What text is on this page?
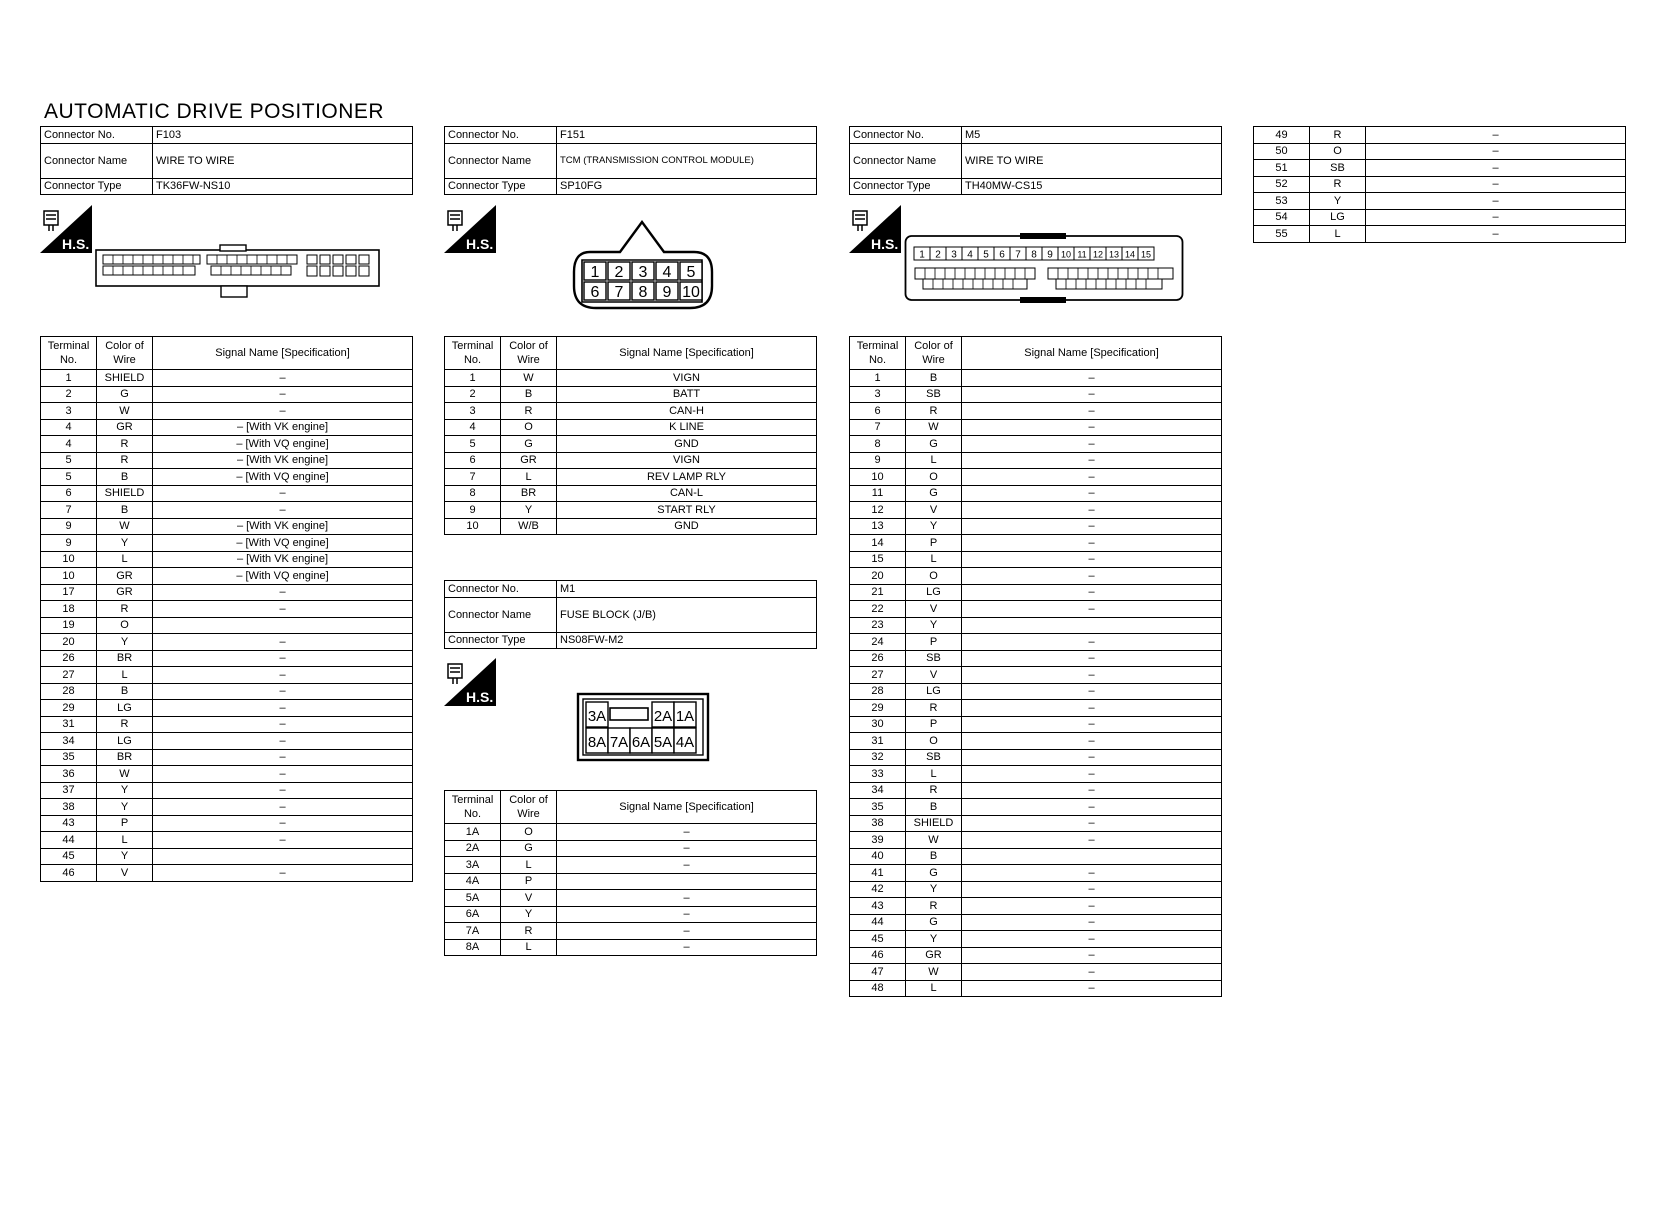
AUTOMATIC DRIVE POSITIONER
Connector No.	F103
Connector Name	WIRE TO WIRE
Connector Type	TK36FW-NS10
H.S.
Terminal No.	Color of Wire	Signal Name [Specification]
1	SHIELD	–
2	G	–
3	W	–
4	GR	– [With VK engine]
4	R	– [With VQ engine]
5	R	– [With VK engine]
5	B	– [With VQ engine]
6	SHIELD	–
7	B	–
9	W	– [With VK engine]
9	Y	– [With VQ engine]
10	L	– [With VK engine]
10	GR	– [With VQ engine]
17	GR	–
18	R	–
19	O	
20	Y	–
26	BR	–
27	L	–
28	B	–
29	LG	–
31	R	–
34	LG	–
35	BR	–
36	W	–
37	Y	–
38	Y	–
43	P	–
44	L	–
45	Y	
46	V	–
Connector No.	F151
Connector Name	TCM (TRANSMISSION CONTROL MODULE)
Connector Type	SP10FG
H.S.
1 2 3 4 5
6 7 8 9 10
Terminal No.	Color of Wire	Signal Name [Specification]
1	W	VIGN
2	B	BATT
3	R	CAN-H
4	O	K LINE
5	G	GND
6	GR	VIGN
7	L	REV LAMP RLY
8	BR	CAN-L
9	Y	START RLY
10	W/B	GND
Connector No.	M1
Connector Name	FUSE BLOCK (J/B)
Connector Type	NS08FW-M2
H.S.
3A	2A 1A
8A 7A 6A 5A 4A
Terminal No.	Color of Wire	Signal Name [Specification]
1A	O	–
2A	G	–
3A	L	–
4A	P	
5A	V	–
6A	Y	–
7A	R	–
8A	L	–
Connector No.	M5
Connector Name	WIRE TO WIRE
Connector Type	TH40MW-CS15
H.S.
1 2 3 4 5 6 7 8 9 10 11 12 13 14 15
Terminal No.	Color of Wire	Signal Name [Specification]
1	B	–
3	SB	–
6	R	–
7	W	–
8	G	–
9	L	–
10	O	–
11	G	–
12	V	–
13	Y	–
14	P	–
15	L	–
20	O	–
21	LG	–
22	V	–
23	Y	
24	P	–
26	SB	–
27	V	–
28	LG	–
29	R	–
30	P	–
31	O	–
32	SB	–
33	L	–
34	R	–
35	B	–
38	SHIELD	–
39	W	–
40	B	
41	G	–
42	Y	–
43	R	–
44	G	–
45	Y	–
46	GR	–
47	W	–
48	L	–
49	R	–
50	O	–
51	SB	–
52	R	–
53	Y	–
54	LG	–
55	L	–
